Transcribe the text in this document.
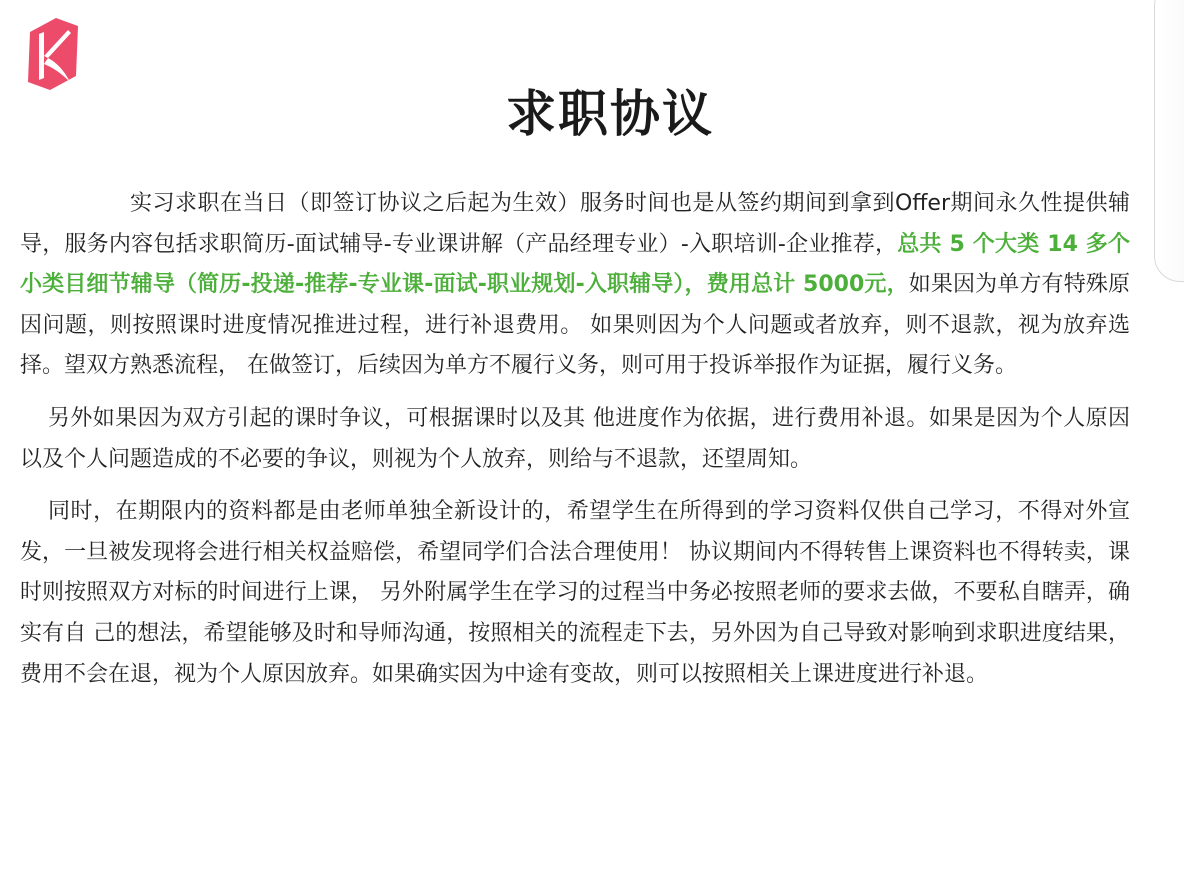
求职协议

实习求职在当日（即签订协议之后起为生效）服务时间也是从签约期间到拿到Offer期间永久性提供辅导，服务内容包括求职简历-面试辅导-专业课讲解（产品经理专业）-入职培训-企业推荐，总共 5 个大类 14 多个小类目细节辅导（简历-投递-推荐-专业课-面试-职业规划-入职辅导），费用总计 5000元，如果因为单方有特殊原因问题，则按照课时进度情况推进过程，进行补退费用。 如果则因为个人问题或者放弃，则不退款，视为放弃选择。望双方熟悉流程， 在做签订，后续因为单方不履行义务，则可用于投诉举报作为证据，履行义务。

另外如果因为双方引起的课时争议，可根据课时以及其 他进度作为依据，进行费用补退。如果是因为个人原因以及个人问题造成的不必要的争议，则视为个人放弃，则给与不退款，还望周知。

同时，在期限内的资料都是由老师单独全新设计的，希望学生在所得到的学习资料仅供自己学习，不得对外宣发，一旦被发现将会进行相关权益赔偿，希望同学们合法合理使用！ 协议期间内不得转售上课资料也不得转卖，课时则按照双方对标的时间进行上课， 另外附属学生在学习的过程当中务必按照老师的要求去做，不要私自瞎弄，确实有自 己的想法，希望能够及时和导师沟通，按照相关的流程走下去，另外因为自己导致对影响到求职进度结果，费用不会在退，视为个人原因放弃。如果确实因为中途有变故，则可以按照相关上课进度进行补退。
